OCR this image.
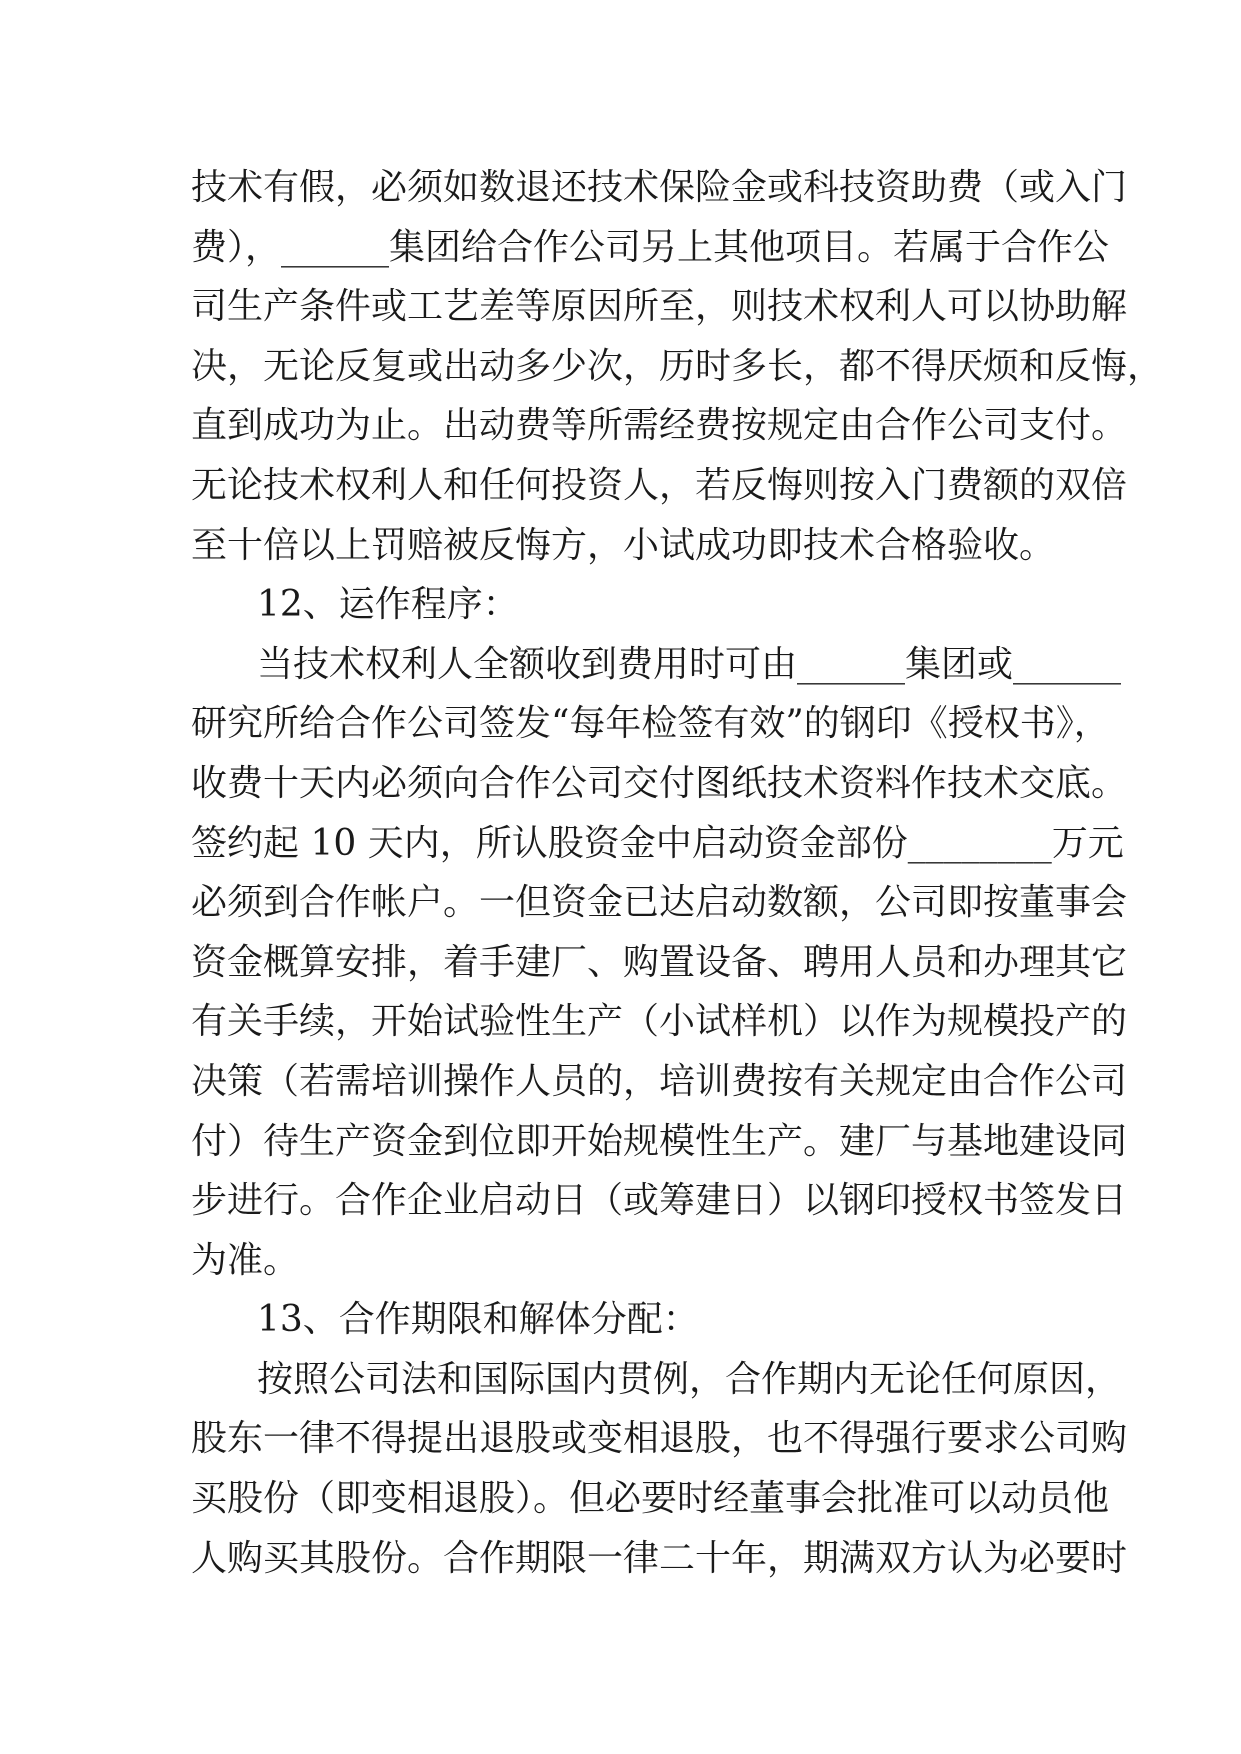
技术有假，必须如数退还技术保险金或科技资助费（或入门
费），______集团给合作公司另上其他项目。若属于合作公
司生产条件或工艺差等原因所至，则技术权利人可以协助解
决，无论反复或出动多少次，历时多长，都不得厌烦和反悔，
直到成功为止。出动费等所需经费按规定由合作公司支付。
无论技术权利人和任何投资人，若反悔则按入门费额的双倍
至十倍以上罚赔被反悔方，小试成功即技术合格验收。
12、运作程序：
当技术权利人全额收到费用时可由______集团或______
研究所给合作公司签发“每年检签有效”的钢印《授权书》，
收费十天内必须向合作公司交付图纸技术资料作技术交底。
签约起 10 天内，所认股资金中启动资金部份________万元
必须到合作帐户。一但资金已达启动数额，公司即按董事会
资金概算安排，着手建厂、购置设备、聘用人员和办理其它
有关手续，开始试验性生产（小试样机）以作为规模投产的
决策（若需培训操作人员的，培训费按有关规定由合作公司
付）待生产资金到位即开始规模性生产。建厂与基地建设同
步进行。合作企业启动日（或筹建日）以钢印授权书签发日
为准。
13、合作期限和解体分配：
按照公司法和国际国内贯例，合作期内无论任何原因，
股东一律不得提出退股或变相退股，也不得强行要求公司购
买股份（即变相退股）。但必要时经董事会批准可以动员他
人购买其股份。合作期限一律二十年，期满双方认为必要时
